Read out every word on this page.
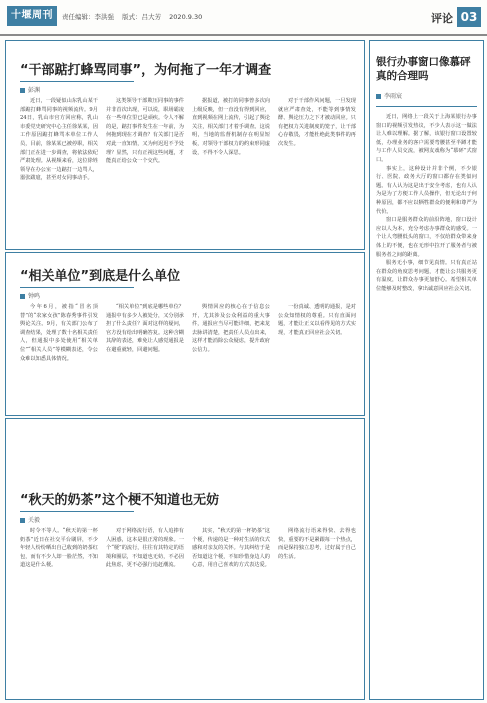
十堰周刊	责任编辑：李洪强 版式：吕大芳 2020.9.30	评论 03
“干部踮打蜂骂同事”，为何拖了一年才调查
彭渊

近日，一段疑似山东乳山某干部踮打蜂骂同事的视频流传。9月24日，乳山市官方回应称，乳山市委党史研究中心主任徐某某，因工作原因踮打蜂骂本单位工作人员，目前，徐某某已被停职，相关部门正在进一步调查，将依法依纪严肃处理。从视频来看，这位徐姓领导在办公室一边踮打一边骂人，嚣张跋扈，甚至对女同事动手。

这类领导干部欺压同事的事件并非首次出现，可以说，职场霸凌在一些单位里已是顽疾。令人不解的是，踮打事件发生在一年前，为何拖到现在才调查？有关部门是否对此一直知情，又为何迟迟不予处理？显然，只有正视这些问题，才能真正给公众一个交代。

据报道，被打的同事曾多次向上级反映，但一直没有得到回应，直到视频在网上流传，引起了舆论关注，相关部门才着手调查。这说明，当地的监督机制存在明显短板，对领导干部权力的约束形同虚设，不得不令人深思。

对于干部作风问题，一旦发现就应严肃查处，不能等到事情发酵、舆论压力之下才被动回应。只有把权力关进制度的笼子，让干部心存敬畏，才能杜绝此类事件的再次发生。

“相关单位”到底是什么单位
钟鸣

今年6月，被指“冒名顶替”的“农家女孩”陈春秀事件引发舆论关注。9月，有关部门公布了调查结果，处理了数十名相关责任人，但通报中多处使用“相关单位”“相关人员”等模糊表述，令公众难以知悉具体情况。

“相关单位”到底是哪些单位？通报中有多少人被处分，又分别承担了什么责任？面对这样的疑问，官方没有给出明确答复。这种含糊其辞的表述，难免让人感觉通报是在避重就轻，回避问题。

舆情回应的核心在于信息公开，尤其涉及公众利益的重大事件，通报应当尽可能详细，把来龙去脉讲清楚，把责任人员点出来，这样才能消除公众疑虑，提升政府公信力。

一份真诚、透明的通报，是对公众知情权的尊重。只有直面问题，才能让正义以看得见的方式实现，才能真正回应社会关切。

“秋天的奶茶”这个梗不知道也无妨
关毅

时令不等人。“秋天的第一杯奶茶”近日在社交平台刷屏，不少年轻人纷纷晒出自己收到的奶茶红包，而有不少人却一脸茫然，不知道这是什么梗。

对于网络流行语，有人追捧有人困惑，这本是很正常的现象。一个“梗”的流行，往往有其特定的语境和圈层，不知道也无妨，不必因此焦虑，更不必强行追赶潮流。

其实，“秋天的第一杯奶茶”这个梗，传递的是一种对生活的仪式感和对亲友的关怀。与其纠结于是否知道这个梗，不如珍惜身边人的心意，用自己喜欢的方式表达爱。

网络流行语来得快、去得也快，重要的不是紧跟每一个热点，而是保持独立思考，过好属于自己的生活。

银行办事窗口像慕砰真的合理吗
李雨宸

近日，网络上一段关于上海某银行办事窗口的视频引发热议，不少人表示这一做法让人难以理解。据了解，该银行窗口设置较低，办理业务的客户需要弯腰甚至半蹲才能与工作人员交流，被网友戏称为“慕砰”式窗口。

事实上，这种设计并非个例，不少银行、医院、政务大厅的窗口都存在类似问题。有人认为这是出于安全考虑，也有人认为是为了方便工作人员操作，但无论出于何种原因，都不应以牺牲群众的便利和尊严为代价。

窗口是服务群众的前沿阵地，窗口设计应以人为本，充分考虑办事群众的感受。一个让人弯腰低头的窗口，不仅给群众带来身体上的不便，也在无形中拉开了服务者与被服务者之间的距离。

服务无小事，细节见真情。只有真正站在群众的角度思考问题，才能让公共服务更有温度，让群众办事更加舒心。希望相关单位能够及时整改，拿出诚意回应社会关切。
